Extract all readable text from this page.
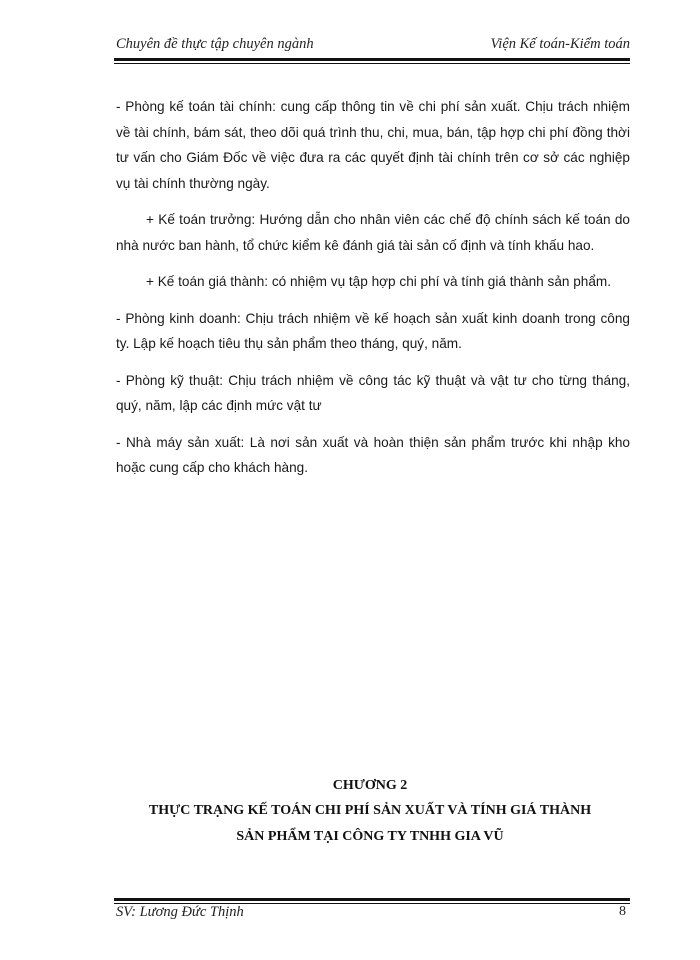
Chuyên đề thực tập chuyên ngành	Viện Kế toán-Kiểm toán

- Phòng kế toán tài chính: cung cấp thông tin về chi phí sản xuất. Chịu trách nhiệm về tài chính, bám sát, theo dõi quá trình thu, chi, mua, bán, tập hợp chi phí đồng thời tư vấn cho Giám Đốc về việc đưa ra các quyết định tài chính trên cơ sở các nghiệp vụ tài chính thường ngày.

+ Kế toán trưởng: Hướng dẫn cho nhân viên các chế độ chính sách kế toán do nhà nước ban hành, tổ chức kiểm kê đánh giá tài sản cố định và tính khấu hao.

+ Kế toán giá thành: có nhiệm vụ tập hợp chi phí và tính giá thành sản phẩm.

- Phòng kinh doanh: Chịu trách nhiệm về kế hoạch sản xuất kinh doanh trong công ty. Lập kế hoạch tiêu thụ sản phẩm theo tháng, quý, năm.

- Phòng kỹ thuật: Chịu trách nhiệm về công tác kỹ thuật và vật tư cho từng tháng, quý, năm, lập các định mức vật tư

- Nhà máy sản xuất: Là nơi sản xuất và hoàn thiện sản phẩm trước khi nhập kho hoặc cung cấp cho khách hàng.

CHƯƠNG 2
THỰC TRẠNG KẾ TOÁN CHI PHÍ SẢN XUẤT VÀ TÍNH GIÁ THÀNH
SẢN PHẨM TẠI CÔNG TY TNHH GIA VŨ
SV: Lương Đức Thịnh	8
